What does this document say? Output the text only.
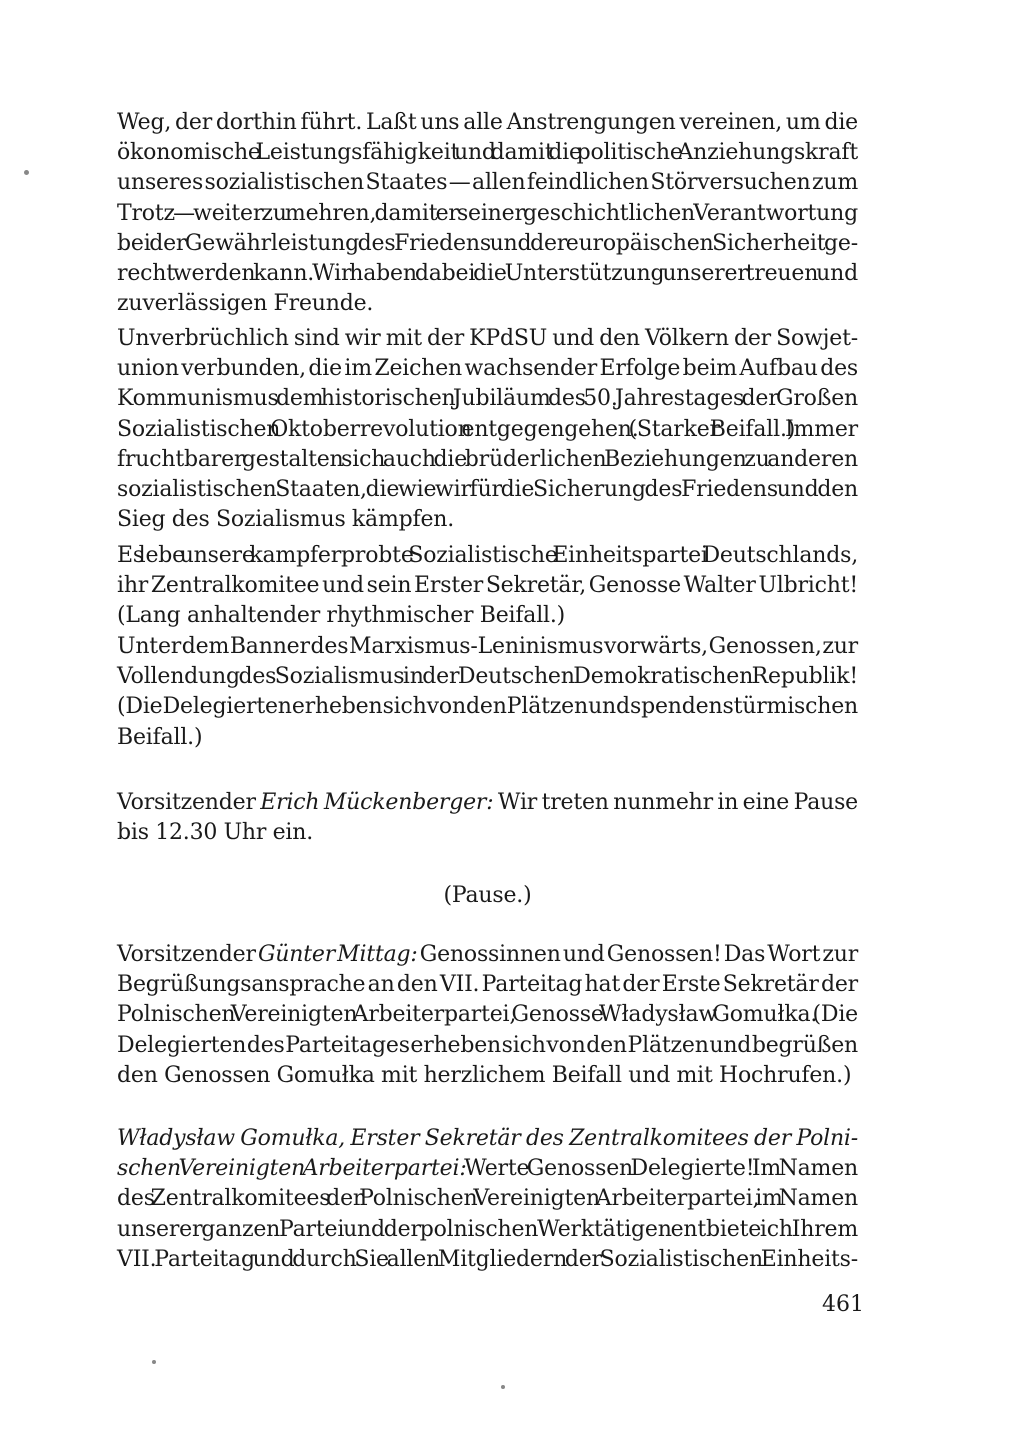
Weg, der dorthin führt. Laßt uns alle Anstrengungen vereinen, um die
ökonomische Leistungsfähigkeit und damit die politische Anziehungskraft
unseres sozialistischen Staates — allen feindlichen Störversuchen zum
Trotz — weiter zu mehren, damit er seiner geschichtlichen Verantwortung
bei der Gewährleistung des Friedens und der europäischen Sicherheit ge-
recht werden kann. Wir haben dabei die Unterstützung unserer treuen und
zuverlässigen Freunde.
Unverbrüchlich sind wir mit der KPdSU und den Völkern der Sowjet-
union verbunden, die im Zeichen wachsender Erfolge beim Aufbau des
Kommunismus dem historischen Jubiläum des 50. Jahrestages der Großen
Sozialistischen Oktoberrevolution entgegengehen. (Starker Beifall.) Immer
fruchtbarer gestalten sich auch die brüderlichen Beziehungen zu anderen
sozialistischen Staaten, die wie wir für die Sicherung des Friedens und den
Sieg des Sozialismus kämpfen.
Es lebe unsere kampferprobte Sozialistische Einheitspartei Deutschlands,
ihr Zentralkomitee und sein Erster Sekretär, Genosse Walter Ulbricht!
(Lang anhaltender rhythmischer Beifall.)
Unter dem Banner des Marxismus-Leninismus vorwärts, Genossen, zur
Vollendung des Sozialismus in der Deutschen Demokratischen Republik!
(Die Delegierten erheben sich von den Plätzen und spenden stürmischen
Beifall.)
Vorsitzender Erich Mückenberger: Wir treten nunmehr in eine Pause
bis 12.30 Uhr ein.
(Pause.)
Vorsitzender Günter Mittag: Genossinnen und Genossen! Das Wort zur
Begrüßungsansprache an den VII. Parteitag hat der Erste Sekretär der
Polnischen Vereinigten Arbeiterpartei, Genosse Władysław Gomułka. (Die
Delegierten des Parteitages erheben sich von den Plätzen und begrüßen
den Genossen Gomułka mit herzlichem Beifall und mit Hochrufen.)
Władysław Gomułka, Erster Sekretär des Zentralkomitees der Polni-
schen Vereinigten Arbeiterpartei: Werte Genossen Delegierte! Im Namen
des Zentralkomitees der Polnischen Vereinigten Arbeiterpartei, im Namen
unserer ganzen Partei und der polnischen Werktätigen entbiete ich Ihrem
VII. Parteitag und durch Sie allen Mitgliedern der Sozialistischen Einheits-
461
